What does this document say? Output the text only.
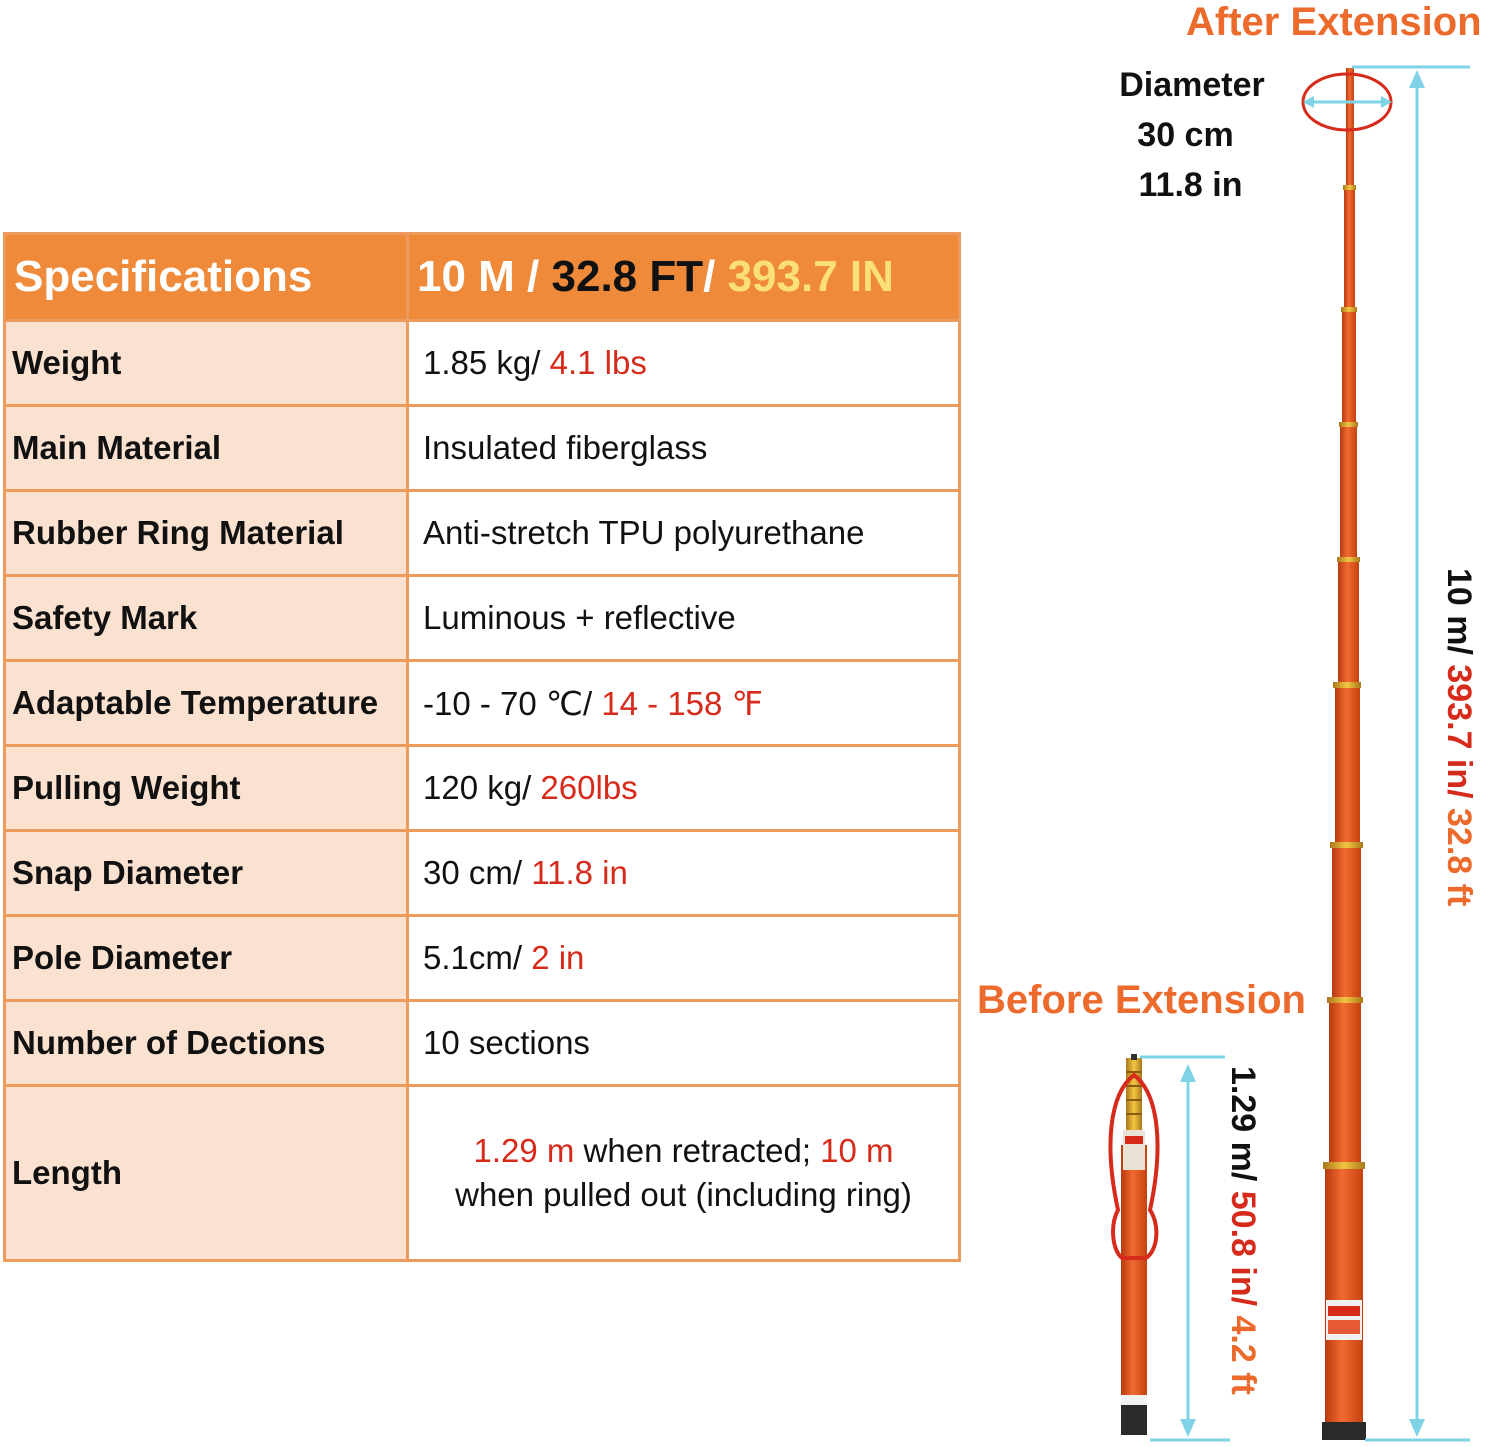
Specifications	10 M / 32.8 FT/ 393.7 IN
Weight	1.85 kg/ 4.1 lbs
Main Material	Insulated fiberglass
Rubber Ring Material	Anti-stretch TPU polyurethane
Safety Mark	Luminous + reflective
Adaptable Temperature	-10 - 70 ℃/ 14 - 158 ℉
Pulling Weight	120 kg/ 260lbs
Snap Diameter	30 cm/ 11.8 in
Pole Diameter	5.1cm/ 2 in
Number of Dections	10 sections
Length	1.29 m when retracted; 10 m
when pulled out (including ring)
After Extension
Before Extension
Diameter
30 cm
11.8 in
10 m/ 393.7 in/ 32.8 ft
1.29 m/ 50.8 in/ 4.2 ft
